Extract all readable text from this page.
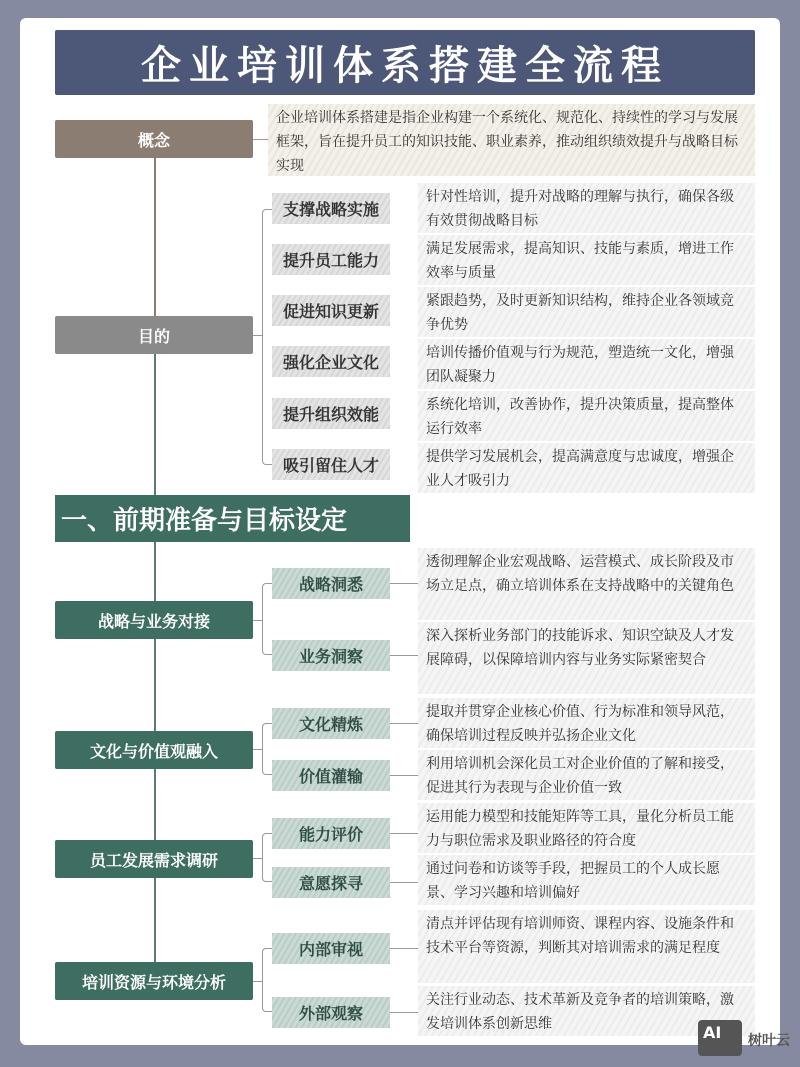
企业培训体系搭建全流程
概念
企业培训体系搭建是指企业构建一个系统化、规范化、持续性的学习与发展框架，旨在提升员工的知识技能、职业素养，推动组织绩效提升与战略目标实现
目的
支撑战略实施
针对性培训，提升对战略的理解与执行，确保各级有效贯彻战略目标
提升员工能力
满足发展需求，提高知识、技能与素质，增进工作效率与质量
促进知识更新
紧跟趋势，及时更新知识结构，维持企业各领域竞争优势
强化企业文化	培训传播价值观与行为规范，塑造统一文化，增强团队凝聚力
提升组织效能	系统化培训，改善协作，提升决策质量，提高整体运行效率
吸引留住人才	提供学习发展机会，提高满意度与忠诚度，增强企业人才吸引力
一、前期准备与目标设定
战略与业务对接
战略洞悉
透彻理解企业宏观战略、运营模式、成长阶段及市场立足点，确立培训体系在支持战略中的关键角色
业务洞察
深入探析业务部门的技能诉求、知识空缺及人才发展障碍，以保障培训内容与业务实际紧密契合
文化与价值观融入
文化精炼
提取并贯穿企业核心价值、行为标准和领导风范，确保培训过程反映并弘扬企业文化
价值灌输
利用培训机会深化员工对企业价值的了解和接受，促进其行为表现与企业价值一致
员工发展需求调研
能力评价
运用能力模型和技能矩阵等工具，量化分析员工能力与职位需求及职业路径的符合度
意愿探寻
通过问卷和访谈等手段，把握员工的个人成长愿景、学习兴趣和培训偏好
培训资源与环境分析
内部审视
清点并评估现有培训师资、课程内容、设施条件和技术平台等资源，判断其对培训需求的满足程度
外部观察
关注行业动态、技术革新及竞争者的培训策略，激发培训体系创新思维	AI	树叶云
